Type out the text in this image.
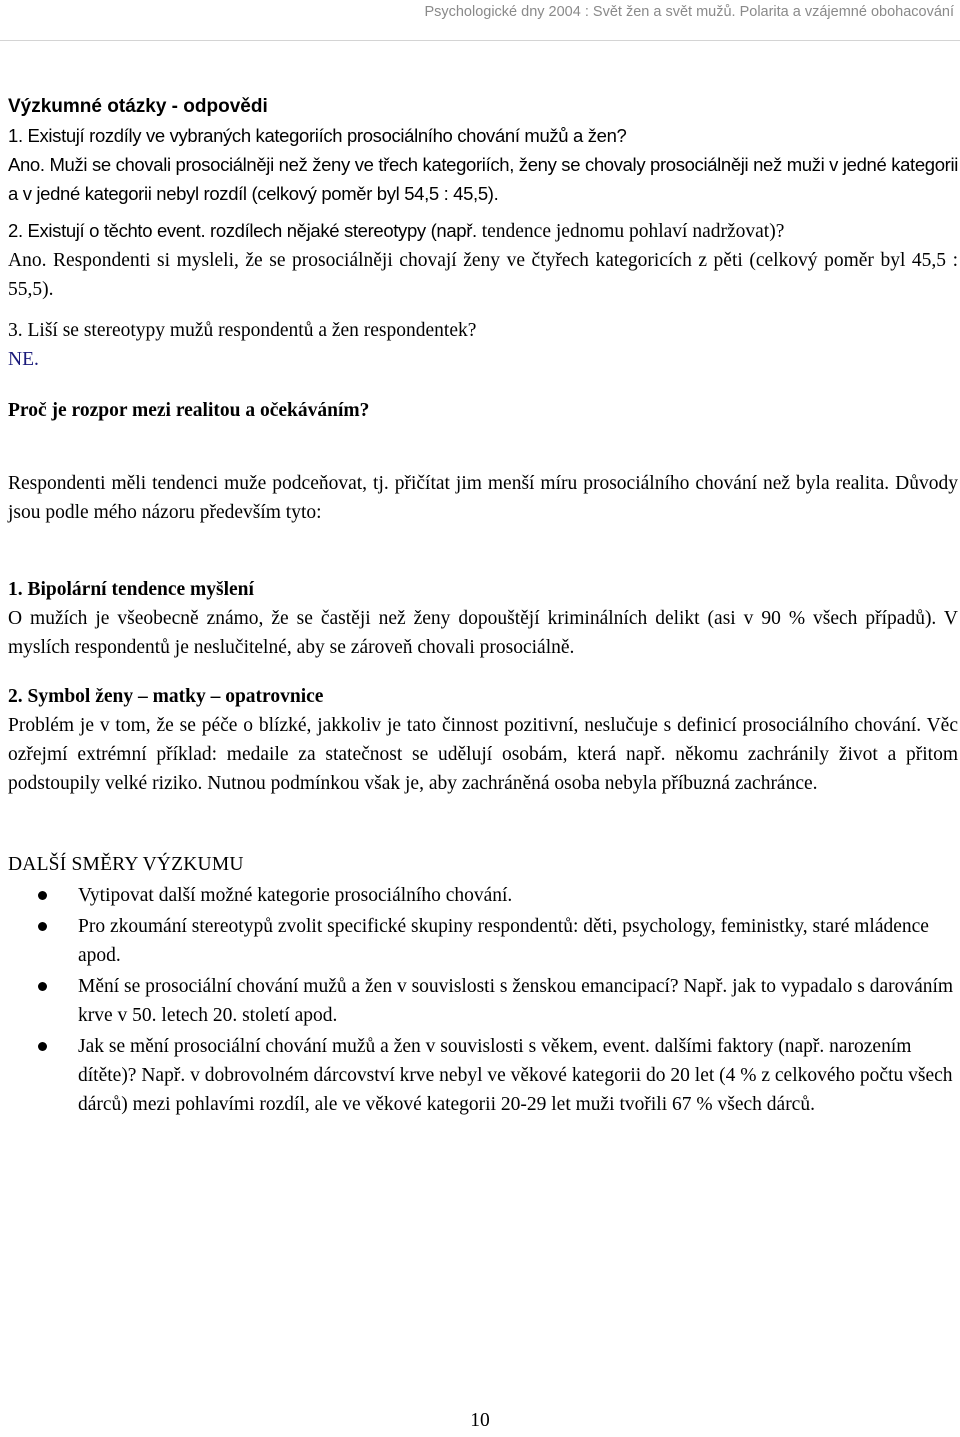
Psychologické dny 2004 : Svět žen a svět mužů. Polarita a vzájemné obohacování

Výzkumné otázky - odpovědi

1. Existují rozdíly ve vybraných kategoriích prosociálního chování mužů a žen?

Ano. Muži se chovali prosociálněji než ženy ve třech kategoriích, ženy se chovaly prosociálněji než muži v jedné kategorii a v jedné kategorii nebyl rozdíl (celkový poměr byl 54,5 : 45,5).

2. Existují o těchto event. rozdílech nějaké stereotypy (např. tendence jednomu pohlaví nadržovat)?

Ano. Respondenti si mysleli, že se prosociálněji chovají ženy ve čtyřech kategoricích z pěti (celkový poměr byl 45,5 : 55,5).

3. Liší se stereotypy mužů respondentů a žen respondentek?

NE.

Proč je rozpor mezi realitou a očekáváním?

Respondenti měli tendenci muže podceňovat, tj. přičítat jim menší míru prosociálního chování než byla realita. Důvody jsou podle mého názoru především tyto:

1. Bipolární tendence myšlení

O mužích je všeobecně známo, že se častěji než ženy dopouštějí kriminálních delikt (asi v 90 % všech případů). V myslích respondentů je neslučitelné, aby se zároveň chovali prosociálně.

2. Symbol ženy – matky – opatrovnice

Problém je v tom, že se péče o blízké, jakkoliv je tato činnost pozitivní, neslučuje s definicí prosociálního chování. Věc ozřejmí extrémní příklad: medaile za statečnost se udělují osobám, která např. někomu zachránily život a přitom podstoupily velké riziko. Nutnou podmínkou však je, aby zachráněná osoba nebyla příbuzná zachránce.

DALŠÍ SMĚRY VÝZKUMU

Vytipovat další možné kategorie prosociálního chování.
Pro zkoumání stereotypů zvolit specifické skupiny respondentů: děti, psychology, feministky, staré mládence apod.
Mění se prosociální chování mužů a žen v souvislosti s ženskou emancipací? Např. jak to vypadalo s darováním krve v 50. letech 20. století apod.
Jak se mění prosociální chování mužů a žen v souvislosti s věkem, event. dalšími faktory (např. narozením dítěte)? Např. v dobrovolném dárcovství krve nebyl ve věkové kategorii do 20 let (4 % z celkového počtu všech dárců) mezi pohlavími rozdíl, ale ve věkové kategorii 20-29 let muži tvořili 67 % všech dárců.
10
